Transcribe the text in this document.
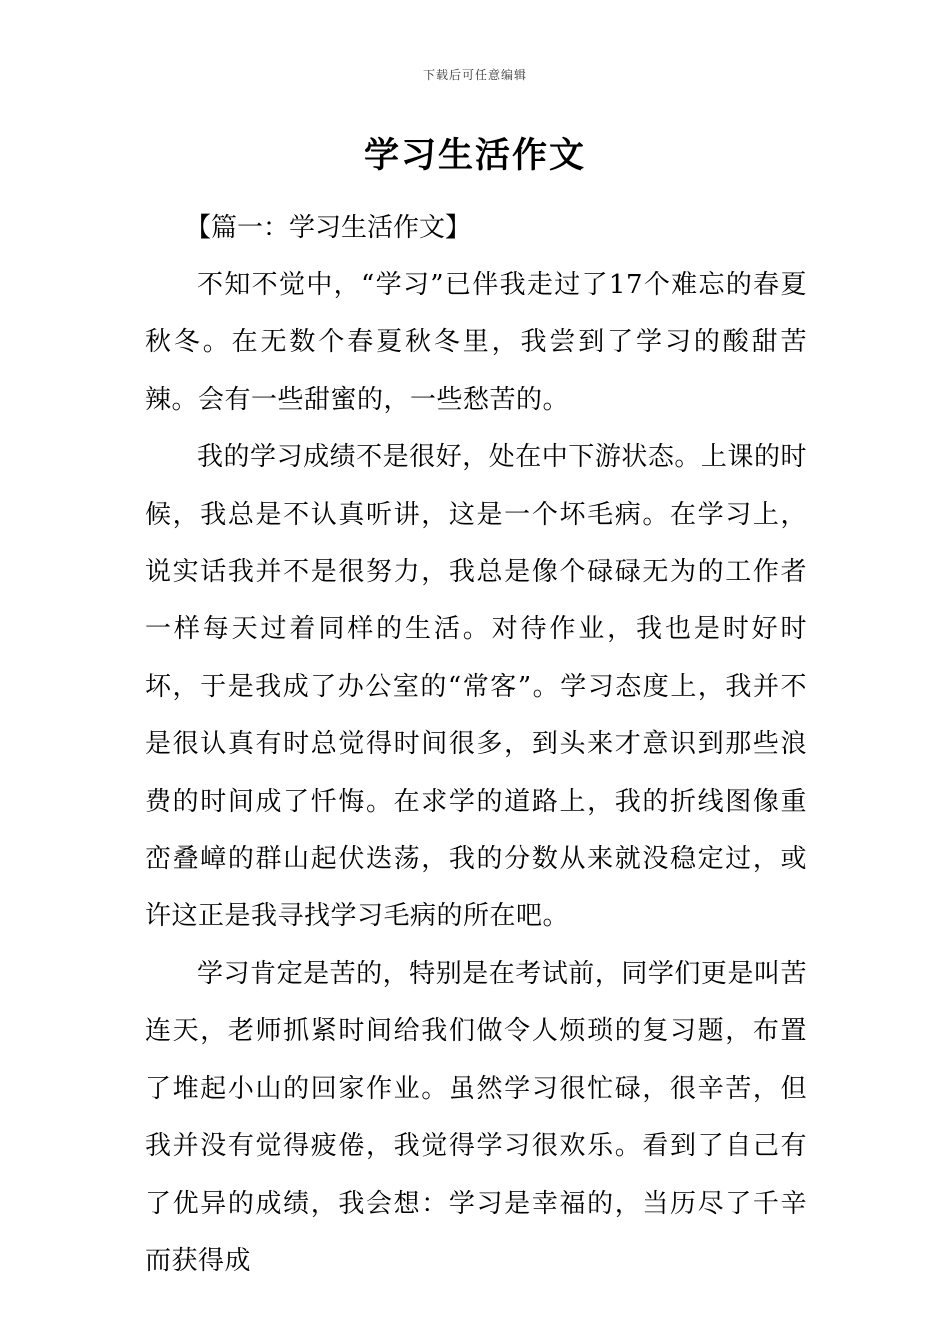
下载后可任意编辑
学习生活作文

【篇一：学习生活作文】

不知不觉中，“学习”已伴我走过了17个难忘的春夏秋冬。在无数个春夏秋冬里，我尝到了学习的酸甜苦辣。会有一些甜蜜的，一些愁苦的。

我的学习成绩不是很好，处在中下游状态。上课的时候，我总是不认真听讲，这是一个坏毛病。在学习上，说实话我并不是很努力，我总是像个碌碌无为的工作者一样每天过着同样的生活。对待作业，我也是时好时坏，于是我成了办公室的“常客”。学习态度上，我并不是很认真有时总觉得时间很多，到头来才意识到那些浪费的时间成了忏悔。在求学的道路上，我的折线图像重峦叠嶂的群山起伏迭荡，我的分数从来就没稳定过，或许这正是我寻找学习毛病的所在吧。

学习肯定是苦的，特别是在考试前，同学们更是叫苦连天，老师抓紧时间给我们做令人烦琐的复习题，布置了堆起小山的回家作业。虽然学习很忙碌，很辛苦，但我并没有觉得疲倦，我觉得学习很欢乐。看到了自己有了优异的成绩，我会想：学习是幸福的，当历尽了千辛而获得成
